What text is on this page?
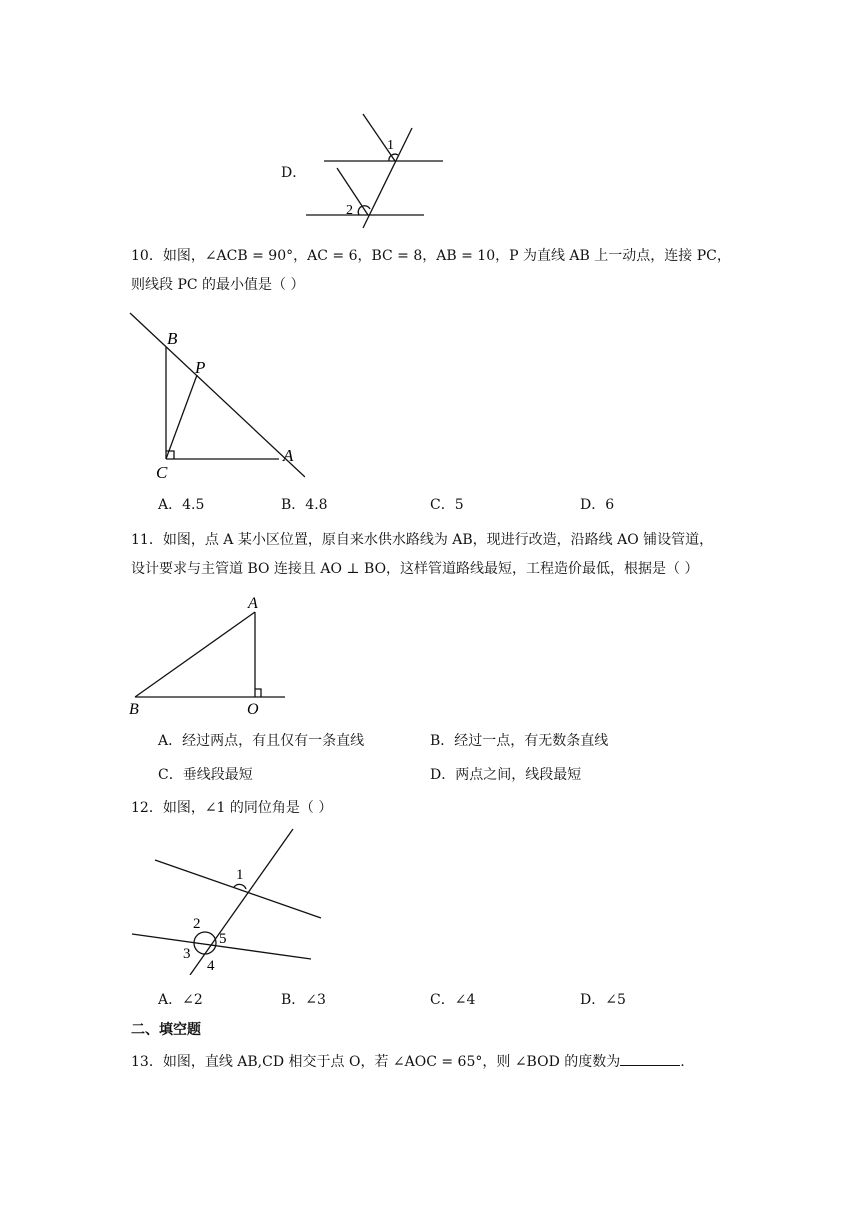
D．
1
2
10．如图，∠ACB = 90°，AC = 6，BC = 8，AB = 10，P 为直线 AB 上一动点，连接 PC，
则线段 PC 的最小值是（ ）
B
P
C
A
A．4.5	B．4.8	C．5	D．6
11．如图，点 A 某小区位置，原自来水供水路线为 AB，现进行改造，沿路线 AO 铺设管道，
设计要求与主管道 BO 连接且 AO ⊥ BO，这样管道路线最短，工程造价最低，根据是（ ）
A
B	O
A．经过两点，有且仅有一条直线	B．经过一点，有无数条直线
C．垂线段最短	D．两点之间，线段最短
12．如图，∠1 的同位角是（ ）
1
2
3
4
5
A．∠2	B．∠3	C．∠4	D．∠5
二、填空题
13．如图，直线 AB,CD 相交于点 O，若 ∠AOC = 65°，则 ∠BOD 的度数为	.
